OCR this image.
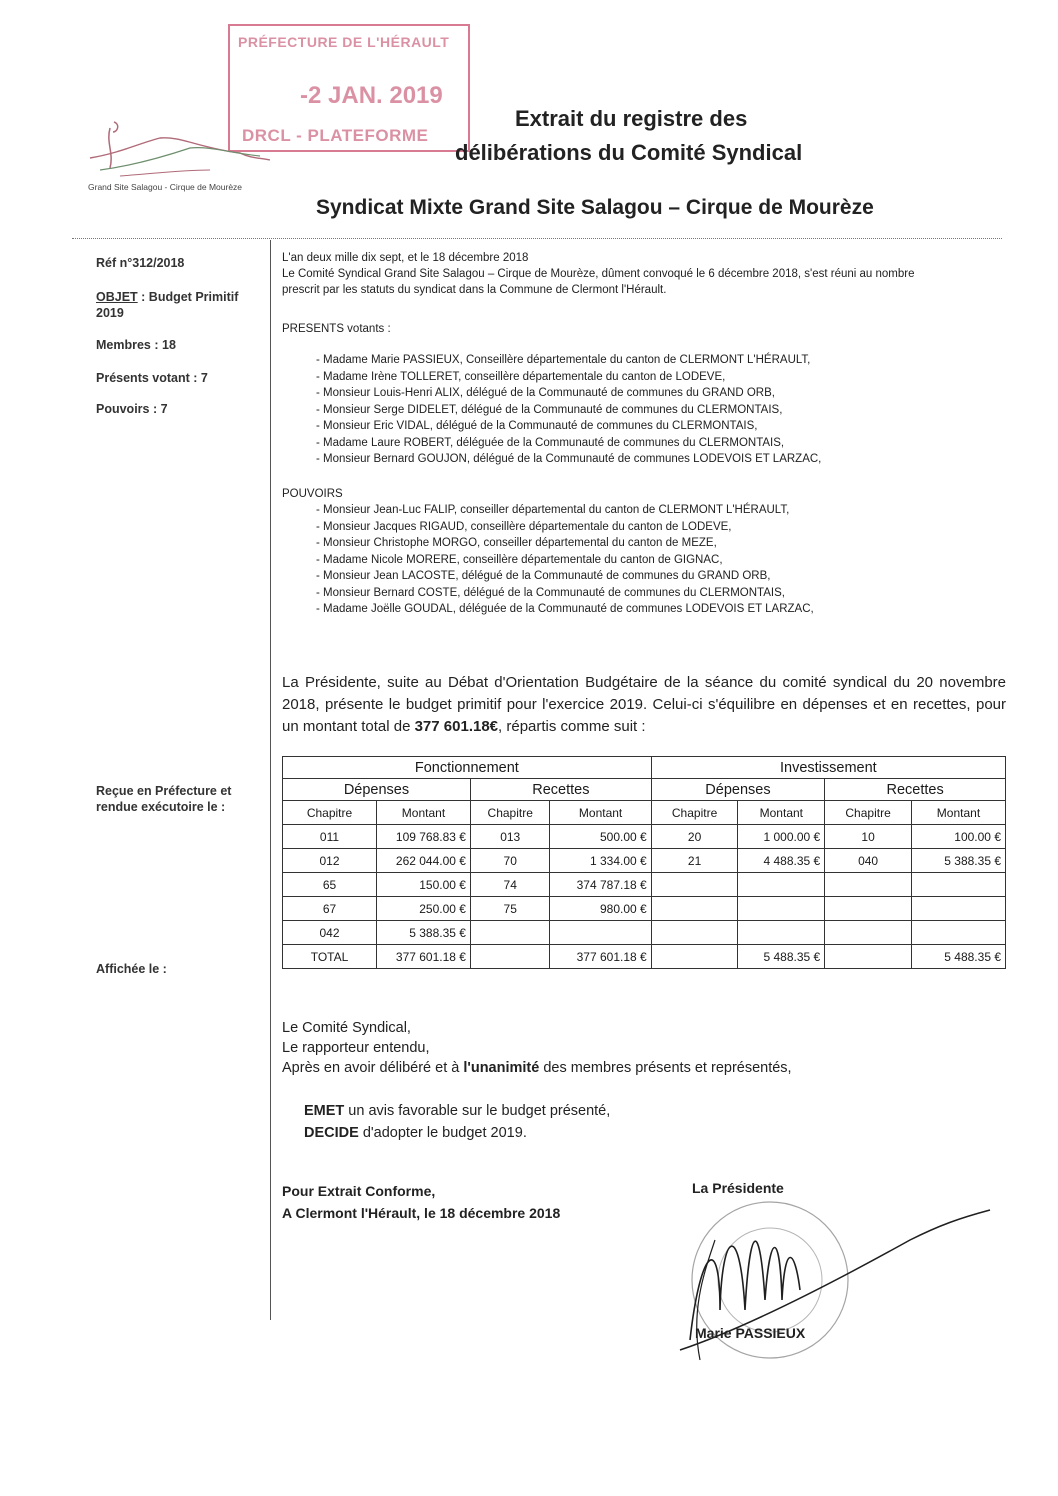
PRÉFECTURE DE L'HÉRAULT
-2 JAN. 2019
DRCL - PLATEFORME
Grand Site Salagou - Cirque de Mourèze
Extrait du registre des
délibérations du Comité Syndical
Syndicat Mixte Grand Site Salagou – Cirque de Mourèze
Réf n°312/2018
OBJET : Budget Primitif
2019
Membres : 18
Présents votant : 7
Pouvoirs : 7
Reçue en Préfecture et
rendue exécutoire le :
Affichée le :
L'an deux mille dix sept, et le 18 décembre 2018
Le Comité Syndical Grand Site Salagou – Cirque de Mourèze, dûment convoqué le 6 décembre 2018, s'est réuni au nombre
prescrit par les statuts du syndicat dans la Commune de Clermont l'Hérault.
PRESENTS votants :
- Madame Marie PASSIEUX, Conseillère départementale du canton de CLERMONT L'HÉRAULT,
- Madame Irène TOLLERET, conseillère départementale du canton de LODEVE,
- Monsieur Louis-Henri ALIX, délégué de la Communauté de communes du GRAND ORB,
- Monsieur Serge DIDELET, délégué de la Communauté de communes du CLERMONTAIS,
- Monsieur Eric VIDAL, délégué de la Communauté de communes du CLERMONTAIS,
- Madame Laure ROBERT, déléguée de la Communauté de communes du CLERMONTAIS,
- Monsieur Bernard GOUJON, délégué de la Communauté de communes LODEVOIS ET LARZAC,
POUVOIRS
- Monsieur Jean-Luc FALIP, conseiller départemental du canton de CLERMONT L'HÉRAULT,
- Monsieur Jacques RIGAUD, conseillère départementale du canton de LODEVE,
- Monsieur Christophe MORGO, conseiller départemental du canton de MEZE,
- Madame Nicole MORERE, conseillère départementale du canton de GIGNAC,
- Monsieur Jean LACOSTE, délégué de la Communauté de communes du GRAND ORB,
- Monsieur Bernard COSTE, délégué de la Communauté de communes du CLERMONTAIS,
- Madame Joëlle GOUDAL, déléguée de la Communauté de communes LODEVOIS ET LARZAC,
La Présidente, suite au Débat d'Orientation Budgétaire de la séance du comité syndical du 20 novembre 2018, présente le budget primitif pour l'exercice 2019. Celui-ci s'équilibre en dépenses et en recettes, pour un montant total de 377 601.18€, répartis comme suit :
Fonctionnement				Investissement			
Dépenses		Recettes		Dépenses		Recettes	
Chapitre	Montant	Chapitre	Montant	Chapitre	Montant	Chapitre	Montant
011	109 768.83 €	013	500.00 €	20	1 000.00 €	10	100.00 €
012	262 044.00 €	70	1 334.00 €	21	4 488.35 €	040	5 388.35 €
65	150.00 €	74	374 787.18 €				
67	250.00 €	75	980.00 €				
042	5 388.35 €						
TOTAL	377 601.18 €		377 601.18 €		5 488.35 €		5 488.35 €
Le Comité Syndical,
Le rapporteur entendu,
Après en avoir délibéré et à l'unanimité des membres présents et représentés,
EMET un avis favorable sur le budget présenté,
DECIDE d'adopter le budget 2019.
Pour Extrait Conforme,
A Clermont l'Hérault, le 18 décembre 2018
La Présidente
Marie PASSIEUX
